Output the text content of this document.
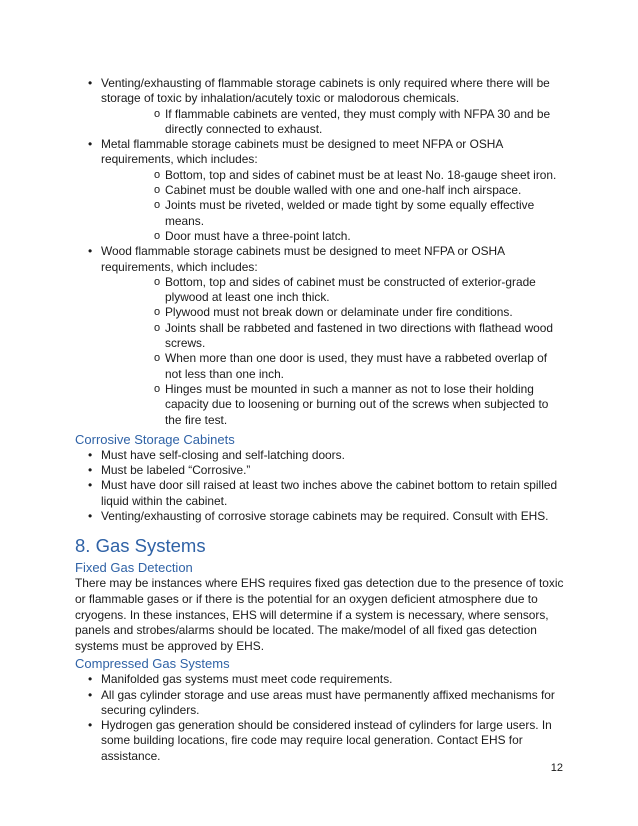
• Venting/exhausting of flammable storage cabinets is only required where there will be storage of toxic by inhalation/acutely toxic or malodorous chemicals.
o If flammable cabinets are vented, they must comply with NFPA 30 and be directly connected to exhaust.
• Metal flammable storage cabinets must be designed to meet NFPA or OSHA requirements, which includes:
o Bottom, top and sides of cabinet must be at least No. 18-gauge sheet iron.
o Cabinet must be double walled with one and one-half inch airspace.
o Joints must be riveted, welded or made tight by some equally effective means.
o Door must have a three-point latch.
• Wood flammable storage cabinets must be designed to meet NFPA or OSHA requirements, which includes:
o Bottom, top and sides of cabinet must be constructed of exterior-grade plywood at least one inch thick.
o Plywood must not break down or delaminate under fire conditions.
o Joints shall be rabbeted and fastened in two directions with flathead wood screws.
o When more than one door is used, they must have a rabbeted overlap of not less than one inch.
o Hinges must be mounted in such a manner as not to lose their holding capacity due to loosening or burning out of the screws when subjected to the fire test.
Corrosive Storage Cabinets
• Must have self-closing and self-latching doors.
• Must be labeled “Corrosive.”
• Must have door sill raised at least two inches above the cabinet bottom to retain spilled liquid within the cabinet.
• Venting/exhausting of corrosive storage cabinets may be required. Consult with EHS.
8. Gas Systems
Fixed Gas Detection
There may be instances where EHS requires fixed gas detection due to the presence of toxic or flammable gases or if there is the potential for an oxygen deficient atmosphere due to cryogens. In these instances, EHS will determine if a system is necessary, where sensors, panels and strobes/alarms should be located. The make/model of all fixed gas detection systems must be approved by EHS.
Compressed Gas Systems
• Manifolded gas systems must meet code requirements.
• All gas cylinder storage and use areas must have permanently affixed mechanisms for securing cylinders.
• Hydrogen gas generation should be considered instead of cylinders for large users. In some building locations, fire code may require local generation. Contact EHS for assistance.
12
